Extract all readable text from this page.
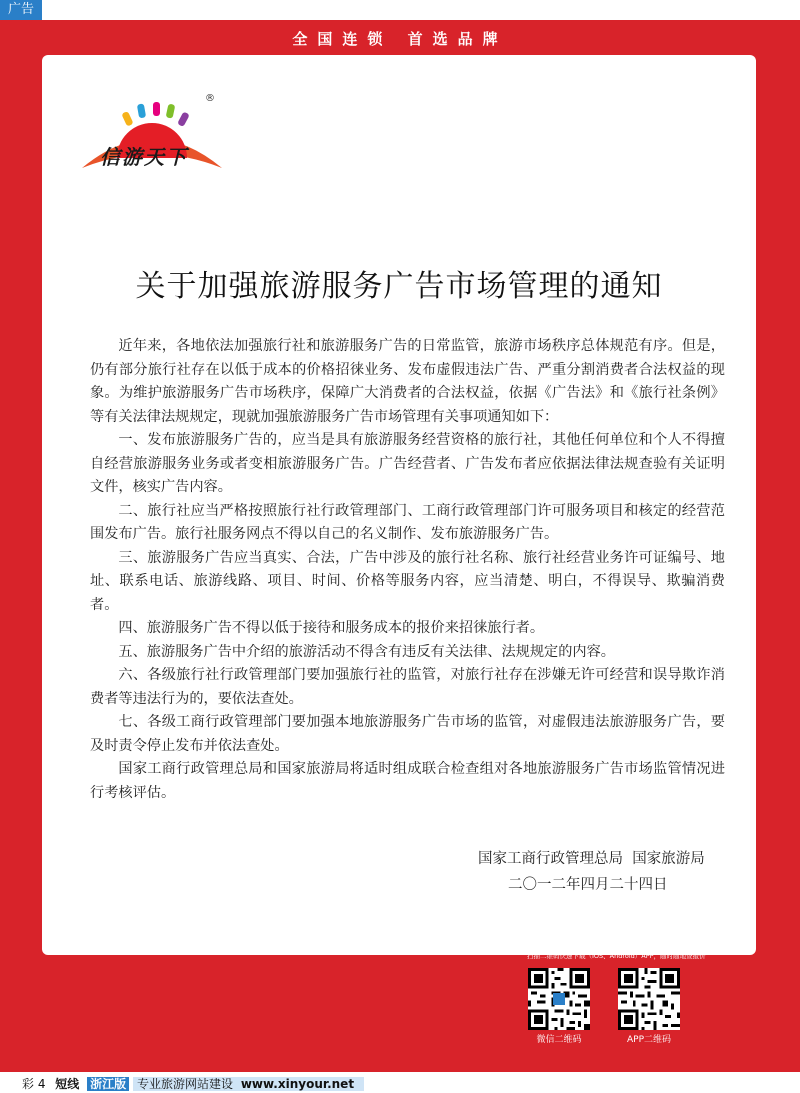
广告
全国连锁 首选品牌
®
信游天下
关于加强旅游服务广告市场管理的通知

近年来，各地依法加强旅行社和旅游服务广告的日常监管，旅游市场秩序总体规范有序。但是，仍有部分旅行社存在以低于成本的价格招徕业务、发布虚假违法广告、严重分割消费者合法权益的现象。为维护旅游服务广告市场秩序，保障广大消费者的合法权益，依据《广告法》和《旅行社条例》等有关法律法规规定，现就加强旅游服务广告市场管理有关事项通知如下：

一、发布旅游服务广告的，应当是具有旅游服务经营资格的旅行社，其他任何单位和个人不得擅自经营旅游服务业务或者变相旅游服务广告。广告经营者、广告发布者应依据法律法规查验有关证明文件，核实广告内容。

二、旅行社应当严格按照旅行社行政管理部门、工商行政管理部门许可服务项目和核定的经营范围发布广告。旅行社服务网点不得以自己的名义制作、发布旅游服务广告。

三、旅游服务广告应当真实、合法，广告中涉及的旅行社名称、旅行社经营业务许可证编号、地址、联系电话、旅游线路、项目、时间、价格等服务内容，应当清楚、明白，不得误导、欺骗消费者。

四、旅游服务广告不得以低于接待和服务成本的报价来招徕旅行者。

五、旅游服务广告中介绍的旅游活动不得含有违反有关法律、法规规定的内容。

六、各级旅行社行政管理部门要加强旅行社的监管，对旅行社存在涉嫌无许可经营和误导欺诈消费者等违法行为的，要依法查处。

七、各级工商行政管理部门要加强本地旅游服务广告市场的监管，对虚假违法旅游服务广告，要及时责令停止发布并依法查处。

国家工商行政管理总局和国家旅游局将适时组成联合检查组对各地旅游服务广告市场监管情况进行考核评估。

国家工商行政管理总局  国家旅游局
二〇一二年四月二十四日
www.zyoo.net
微信扫一扫，更多惊喜在这里
扫描二维码快速下载（IOS、Android）APP，随时随地查报价
微信二维码	APP二维码
彩 4 短线 浙江版 专业旅游网站建设 www.xinyour.net
